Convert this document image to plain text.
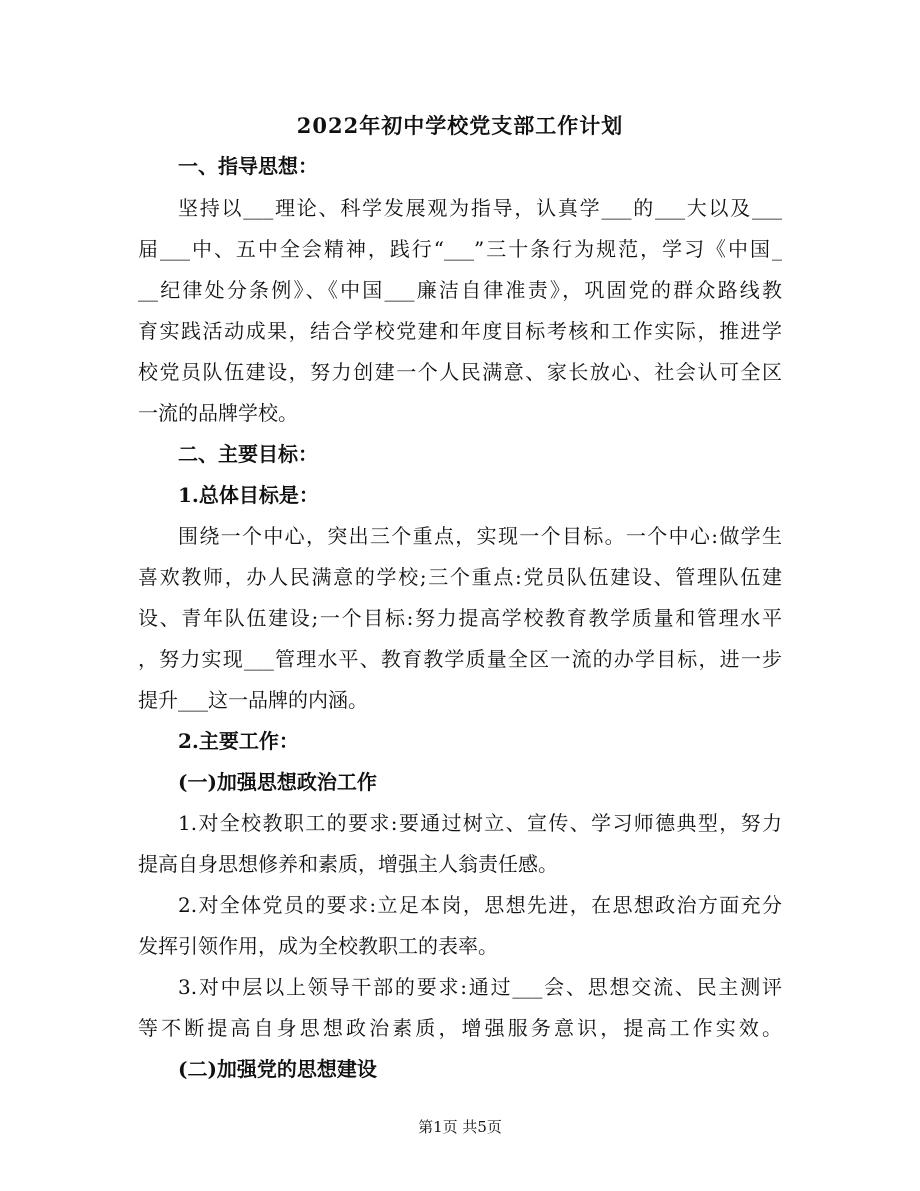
2022年初中学校党支部工作计划

一、指导思想：

坚持以___理论、科学发展观为指导，认真学___的___大以及___

届___中、五中全会精神，践行“___”三十条行为规范，学习《中国_

__纪律处分条例》、《中国___廉洁自律准责》，巩固党的群众路线教

育实践活动成果，结合学校党建和年度目标考核和工作实际，推进学

校党员队伍建设，努力创建一个人民满意、家长放心、社会认可全区

一流的品牌学校。

二、主要目标：

1.总体目标是：

围绕一个中心，突出三个重点，实现一个目标。一个中心:做学生

喜欢教师，办人民满意的学校;三个重点:党员队伍建设、管理队伍建

设、青年队伍建设;一个目标:努力提高学校教育教学质量和管理水平

，努力实现___管理水平、教育教学质量全区一流的办学目标，进一步

提升___这一品牌的内涵。

2.主要工作：

(一)加强思想政治工作

1.对全校教职工的要求:要通过树立、宣传、学习师德典型，努力

提高自身思想修养和素质，增强主人翁责任感。

2.对全体党员的要求:立足本岗，思想先进，在思想政治方面充分

发挥引领作用，成为全校教职工的表率。

3.对中层以上领导干部的要求:通过___会、思想交流、民主测评

等不断提高自身思想政治素质，增强服务意识，提高工作实效。

(二)加强党的思想建设

第1页 共5页
